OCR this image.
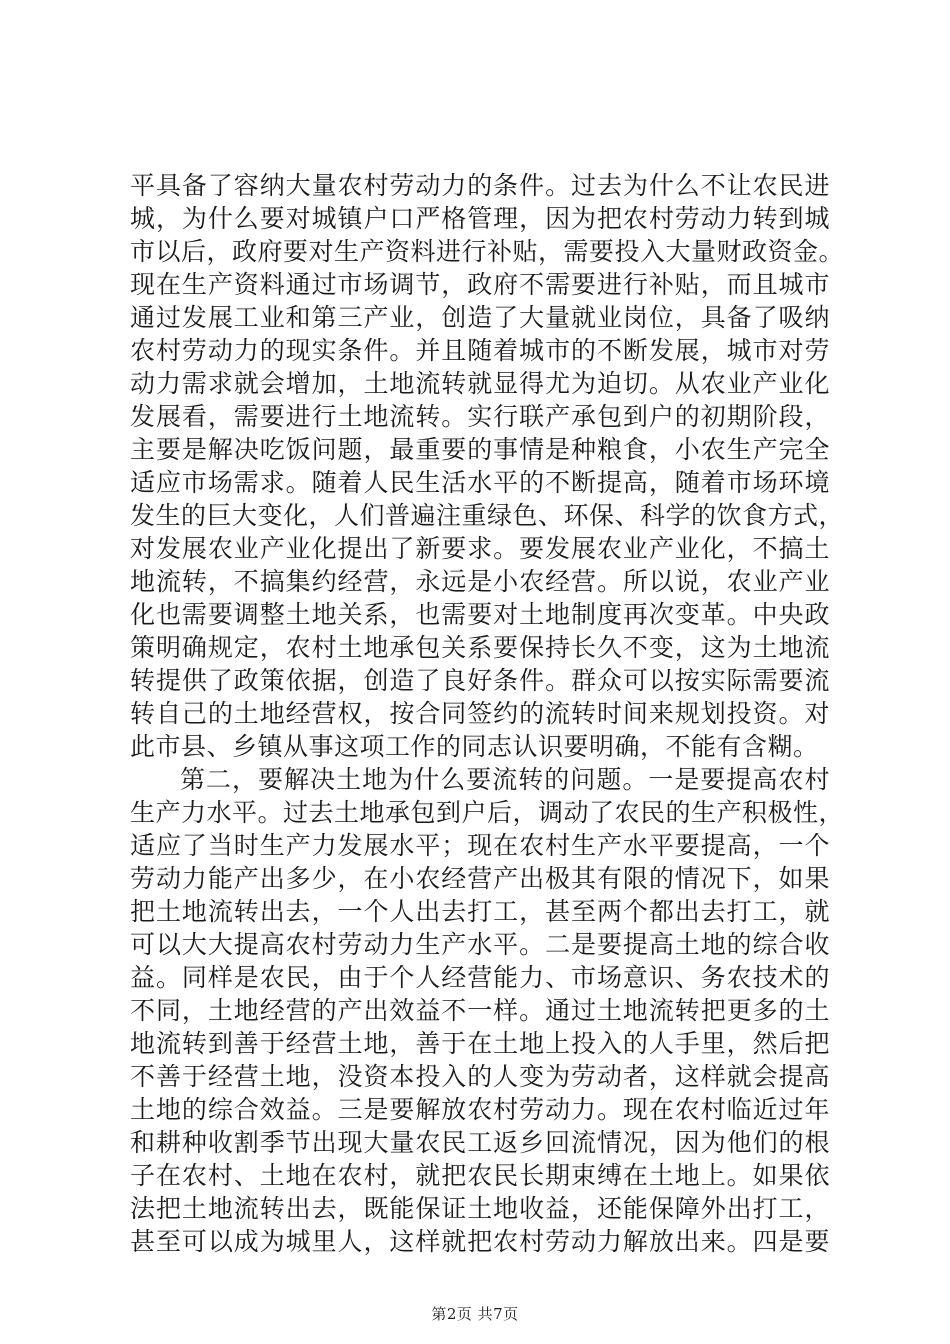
平具备了容纳大量农村劳动力的条件。过去为什么不让农民进
城，为什么要对城镇户口严格管理，因为把农村劳动力转到城
市以后，政府要对生产资料进行补贴，需要投入大量财政资金。
现在生产资料通过市场调节，政府不需要进行补贴，而且城市
通过发展工业和第三产业，创造了大量就业岗位，具备了吸纳
农村劳动力的现实条件。并且随着城市的不断发展，城市对劳
动力需求就会增加，土地流转就显得尤为迫切。从农业产业化
发展看，需要进行土地流转。实行联产承包到户的初期阶段，
主要是解决吃饭问题，最重要的事情是种粮食，小农生产完全
适应市场需求。随着人民生活水平的不断提高，随着市场环境
发生的巨大变化，人们普遍注重绿色、环保、科学的饮食方式，
对发展农业产业化提出了新要求。要发展农业产业化，不搞土
地流转，不搞集约经营，永远是小农经营。所以说，农业产业
化也需要调整土地关系，也需要对土地制度再次变革。中央政
策明确规定，农村土地承包关系要保持长久不变，这为土地流
转提供了政策依据，创造了良好条件。群众可以按实际需要流
转自己的土地经营权，按合同签约的流转时间来规划投资。对
此市县、乡镇从事这项工作的同志认识要明确，不能有含糊。
第二，要解决土地为什么要流转的问题。一是要提高农村
生产力水平。过去土地承包到户后，调动了农民的生产积极性，
适应了当时生产力发展水平；现在农村生产水平要提高，一个
劳动力能产出多少，在小农经营产出极其有限的情况下，如果
把土地流转出去，一个人出去打工，甚至两个都出去打工，就
可以大大提高农村劳动力生产水平。二是要提高土地的综合收
益。同样是农民，由于个人经营能力、市场意识、务农技术的
不同，土地经营的产出效益不一样。通过土地流转把更多的土
地流转到善于经营土地，善于在土地上投入的人手里，然后把
不善于经营土地，没资本投入的人变为劳动者，这样就会提高
土地的综合效益。三是要解放农村劳动力。现在农村临近过年
和耕种收割季节出现大量农民工返乡回流情况，因为他们的根
子在农村、土地在农村，就把农民长期束缚在土地上。如果依
法把土地流转出去，既能保证土地收益，还能保障外出打工，
甚至可以成为城里人，这样就把农村劳动力解放出来。四是要
第2页 共7页
